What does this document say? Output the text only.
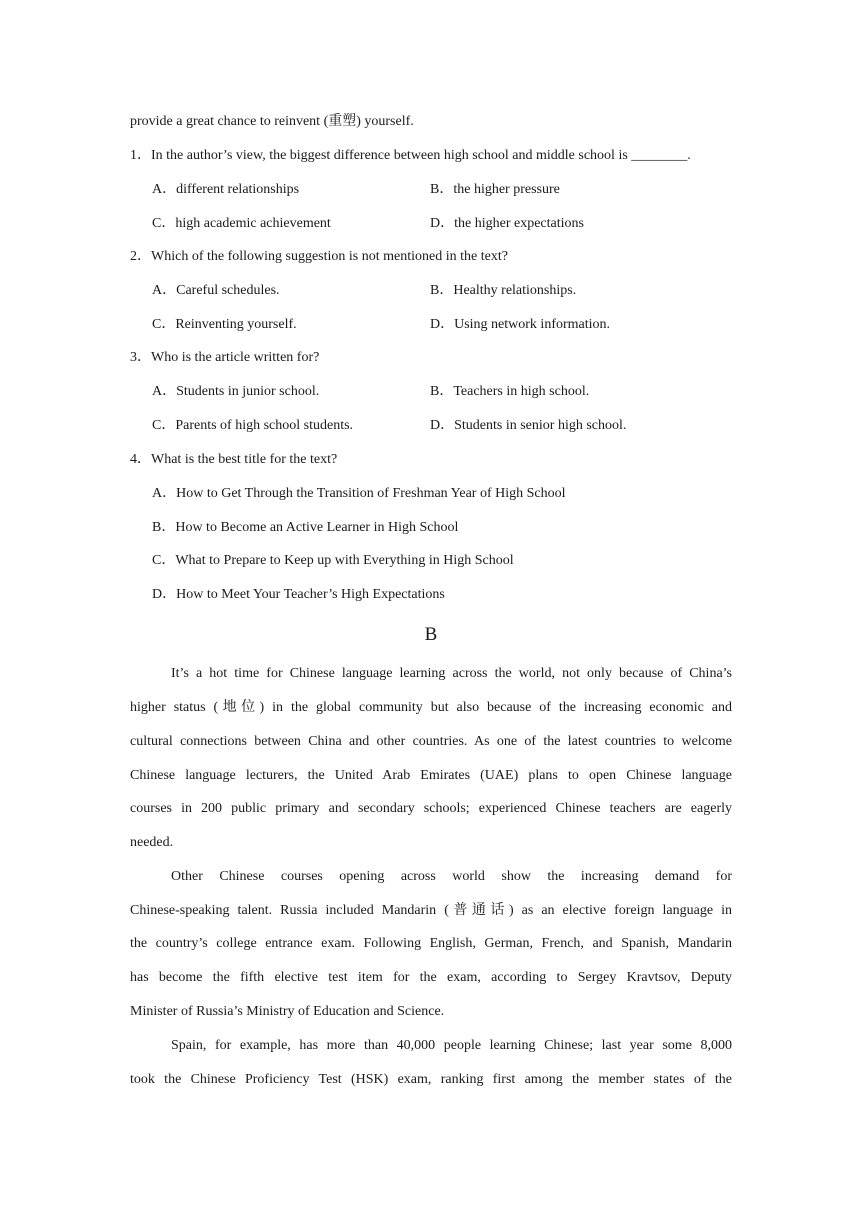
provide a great chance to reinvent (重塑) yourself.
1．In the author’s view, the biggest difference between high school and middle school is ________.
A．different relationships	B．the higher pressure
C．high academic achievement	D．the higher expectations
2．Which of the following suggestion is not mentioned in the text?
A．Careful schedules.	B．Healthy relationships.
C．Reinventing yourself.	D．Using network information.
3．Who is the article written for?
A．Students in junior school.	B．Teachers in high school.
C．Parents of high school students.	D．Students in senior high school.
4．What is the best title for the text?
A．How to Get Through the Transition of Freshman Year of High School
B．How to Become an Active Learner in High School
C．What to Prepare to Keep up with Everything in High School
D．How to Meet Your Teacher’s High Expectations
B
It’s a hot time for Chinese language learning across the world, not only because of China’s
higher status (地位) in the global community but also because of the increasing economic and
cultural connections between China and other countries. As one of the latest countries to welcome
Chinese language lecturers, the United Arab Emirates (UAE) plans to open Chinese language
courses in 200 public primary and secondary schools; experienced Chinese teachers are eagerly
needed.
Other Chinese courses opening across world show the increasing demand for
Chinese-speaking talent. Russia included Mandarin (普通话) as an elective foreign language in
the country’s college entrance exam. Following English, German, French, and Spanish, Mandarin
has become the fifth elective test item for the exam, according to Sergey Kravtsov, Deputy
Minister of Russia’s Ministry of Education and Science.
Spain, for example, has more than 40,000 people learning Chinese; last year some 8,000
took the Chinese Proficiency Test (HSK) exam, ranking first among the member states of the
